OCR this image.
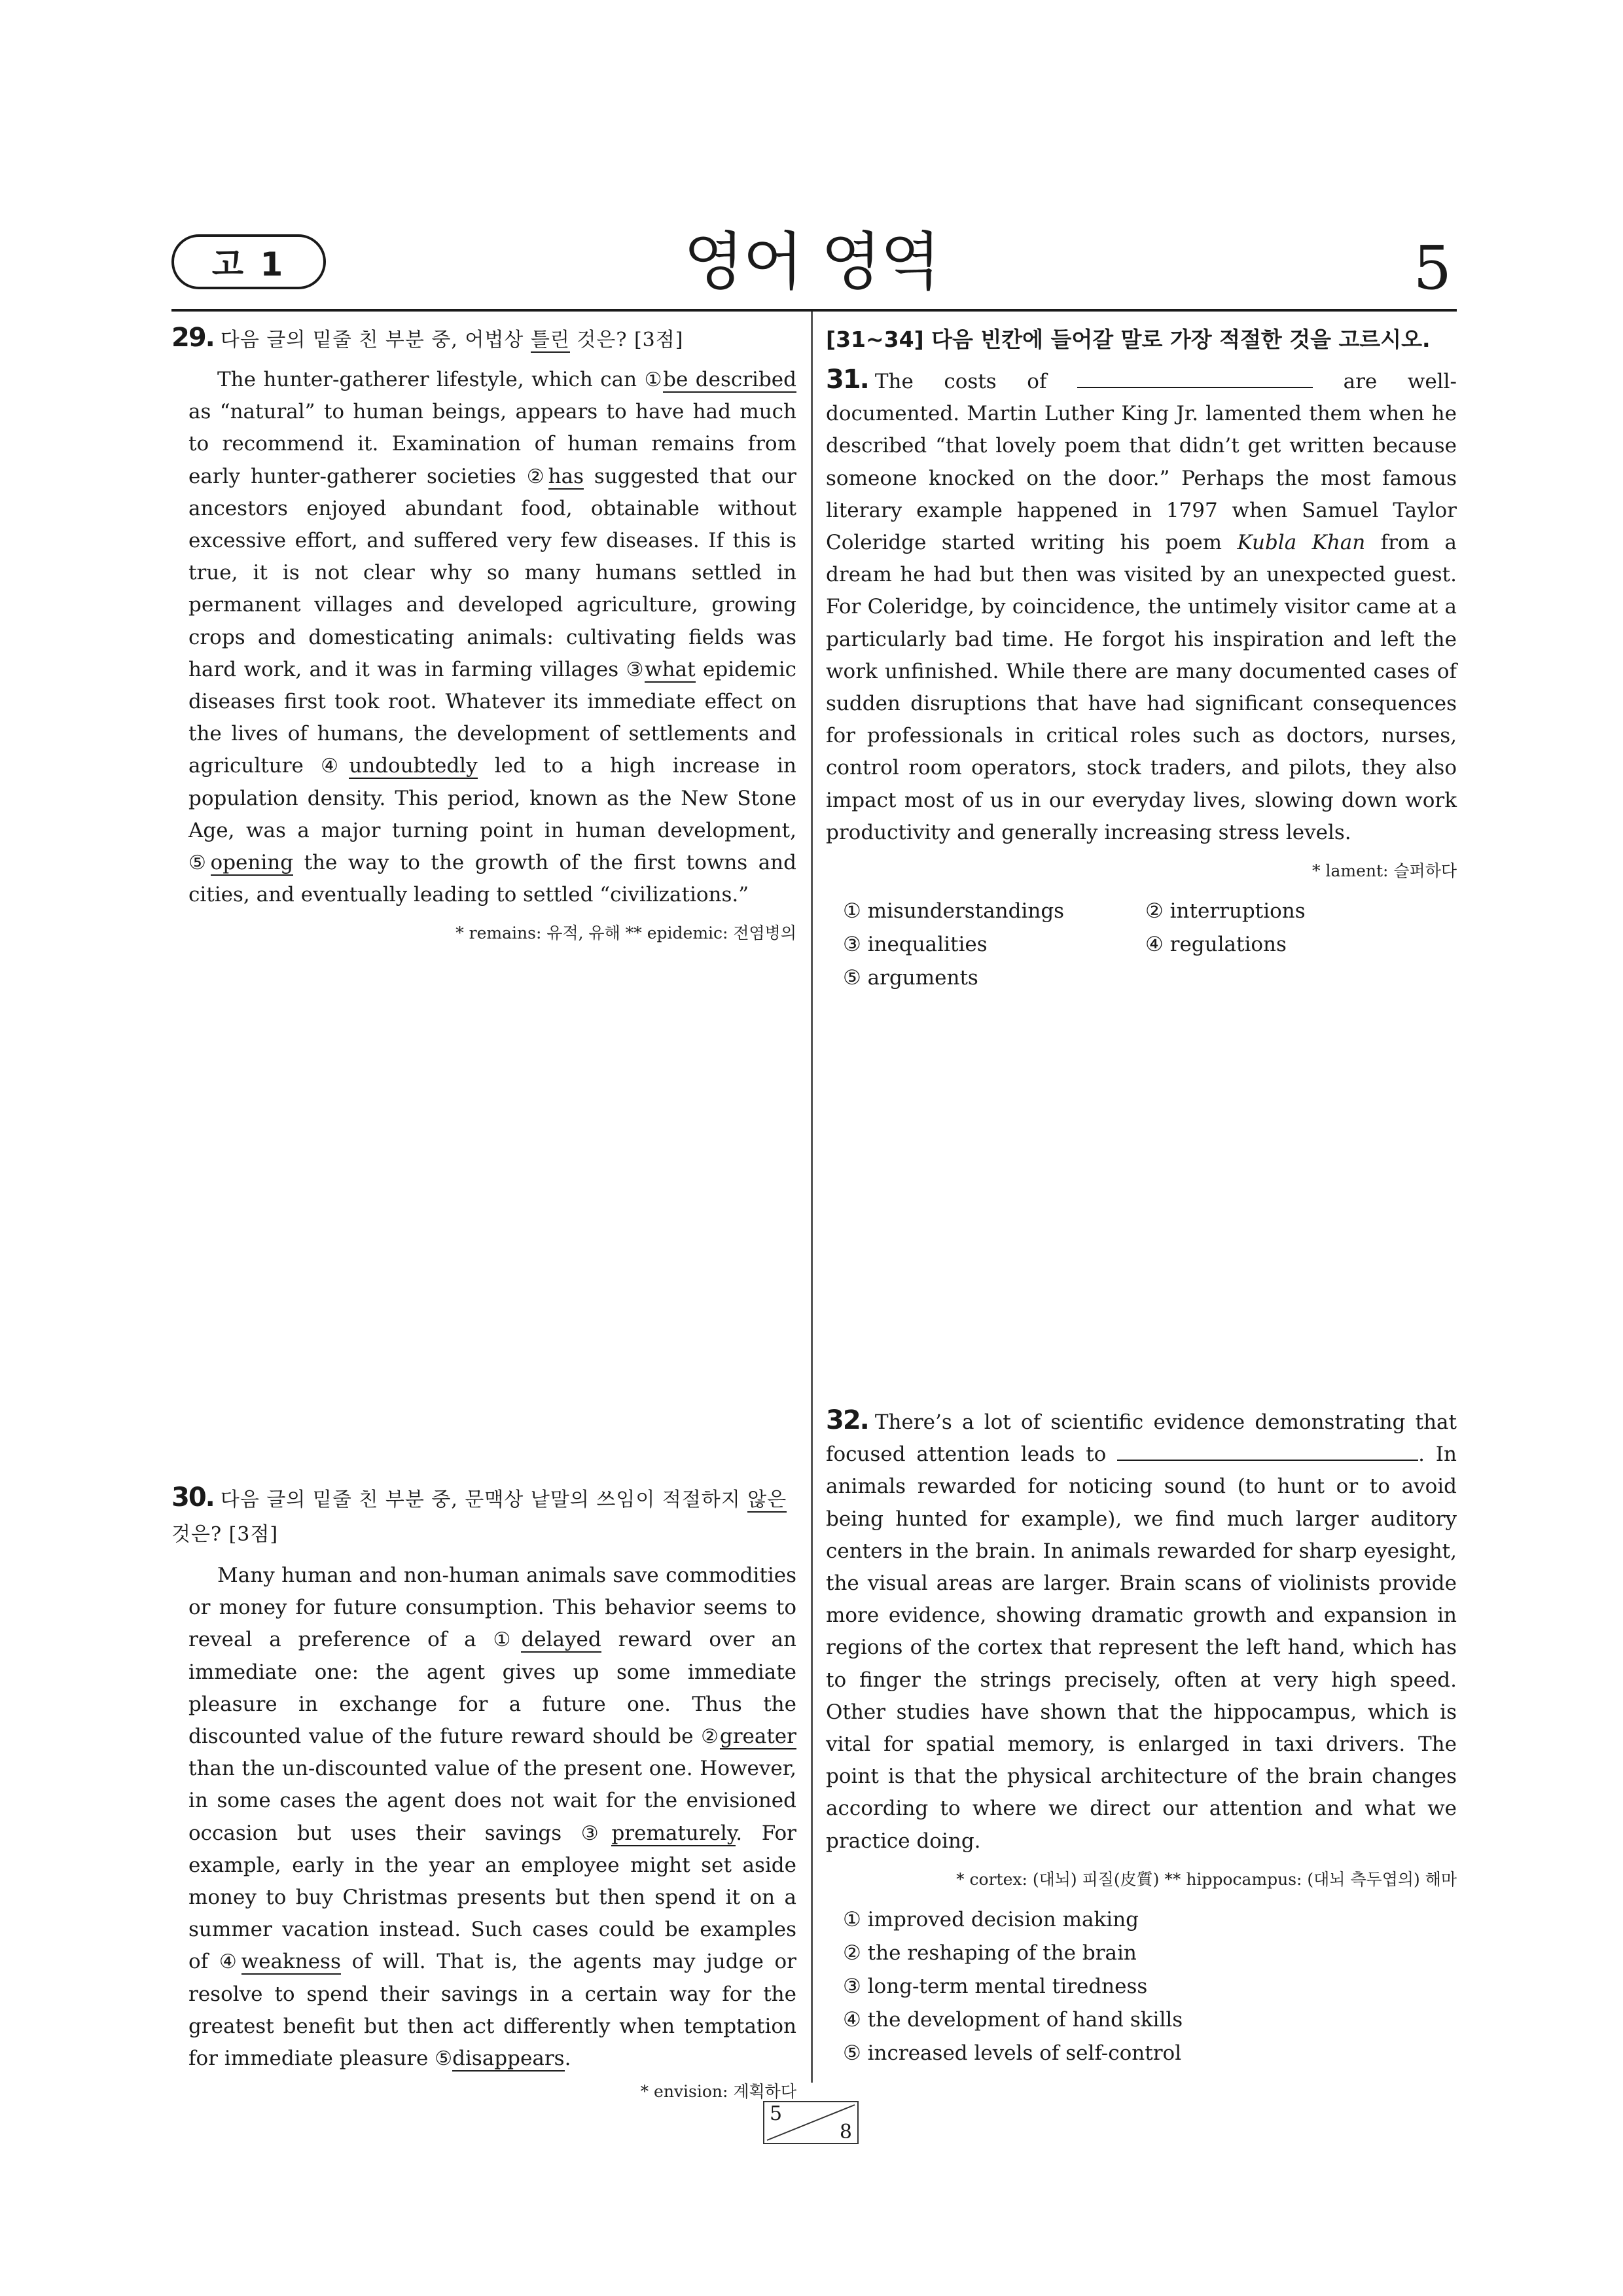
고 1	영어 영역	5

29. 다음 글의 밑줄 친 부분 중, 어법상 틀린 것은? [3점]

The hunter-gatherer lifestyle, which can ①be described as “natural” to human beings, appears to have had much to recommend it. Examination of human remains from early hunter-gatherer societies ②has suggested that our ancestors enjoyed abundant food, obtainable without excessive effort, and suffered very few diseases. If this is true, it is not clear why so many humans settled in permanent villages and developed agriculture, growing crops and domesticating animals: cultivating fields was hard work, and it was in farming villages ③what epidemic diseases first took root. Whatever its immediate effect on the lives of humans, the development of settlements and agriculture ④undoubtedly led to a high increase in population density. This period, known as the New Stone Age, was a major turning point in human development, ⑤opening the way to the growth of the first towns and cities, and eventually leading to settled “civilizations.”

* remains: 유적, 유해 ** epidemic: 전염병의

30. 다음 글의 밑줄 친 부분 중, 문맥상 낱말의 쓰임이 적절하지 않은 것은? [3점]

Many human and non-human animals save commodities or money for future consumption. This behavior seems to reveal a preference of a ①delayed reward over an immediate one: the agent gives up some immediate pleasure in exchange for a future one. Thus the discounted value of the future reward should be ②greater than the un-discounted value of the present one. However, in some cases the agent does not wait for the envisioned occasion but uses their savings ③prematurely. For example, early in the year an employee might set aside money to buy Christmas presents but then spend it on a summer vacation instead. Such cases could be examples of ④weakness of will. That is, the agents may judge or resolve to spend their savings in a certain way for the greatest benefit but then act differently when temptation for immediate pleasure ⑤disappears.

* envision: 계획하다
[31~34] 다음 빈칸에 들어갈 말로 가장 적절한 것을 고르시오.

31. The costs of	are well-documented. Martin Luther King Jr. lamented them when he described “that lovely poem that didn’t get written because someone knocked on the door.” Perhaps the most famous literary example happened in 1797 when Samuel Taylor Coleridge started writing his poem Kubla Khan from a dream he had but then was visited by an unexpected guest. For Coleridge, by coincidence, the untimely visitor came at a particularly bad time. He forgot his inspiration and left the work unfinished. While there are many documented cases of sudden disruptions that have had significant consequences for professionals in critical roles such as doctors, nurses, control room operators, stock traders, and pilots, they also impact most of us in our everyday lives, slowing down work productivity and generally increasing stress levels.

* lament: 슬퍼하다
① misunderstandings	② interruptions
③ inequalities	④ regulations
⑤ arguments

32. There’s a lot of scientific evidence demonstrating that focused attention leads to	. In animals rewarded for noticing sound (to hunt or to avoid being hunted for example), we find much larger auditory centers in the brain. In animals rewarded for sharp eyesight, the visual areas are larger. Brain scans of violinists provide more evidence, showing dramatic growth and expansion in regions of the cortex that represent the left hand, which has to finger the strings precisely, often at very high speed. Other studies have shown that the hippocampus, which is vital for spatial memory, is enlarged in taxi drivers. The point is that the physical architecture of the brain changes according to where we direct our attention and what we practice doing.

* cortex: (대뇌) 피질(皮質) ** hippocampus: (대뇌 측두엽의) 해마
① improved decision making
② the reshaping of the brain
③ long-term mental tiredness
④ the development of hand skills
⑤ increased levels of self-control
5
8
